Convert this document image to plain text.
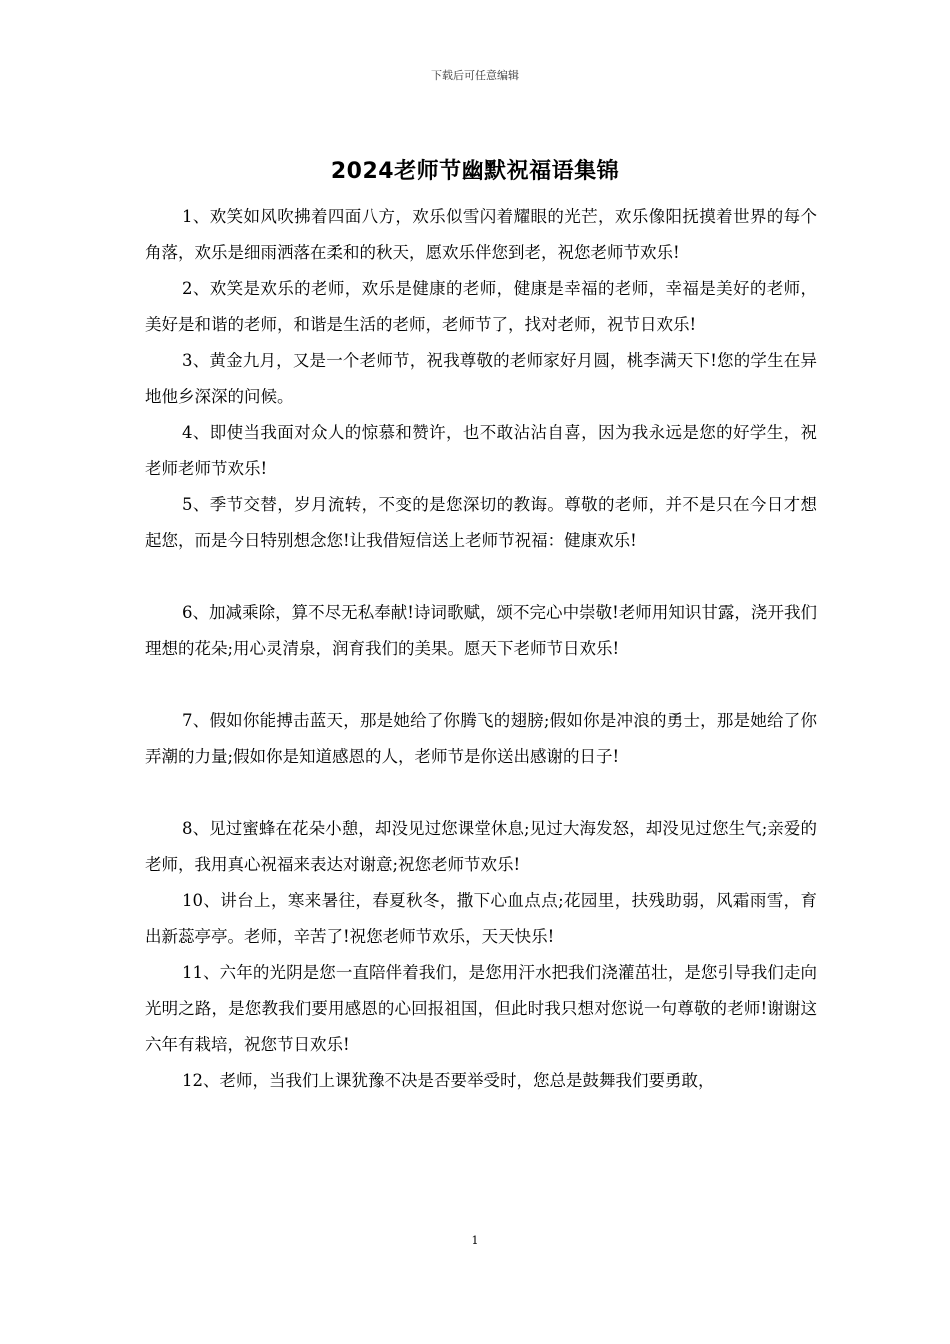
下载后可任意编辑
2024老师节幽默祝福语集锦

1、欢笑如风吹拂着四面八方，欢乐似雪闪着耀眼的光芒，欢乐像阳抚摸着世界的每个角落，欢乐是细雨洒落在柔和的秋天，愿欢乐伴您到老，祝您老师节欢乐!

2、欢笑是欢乐的老师，欢乐是健康的老师，健康是幸福的老师，幸福是美好的老师，美好是和谐的老师，和谐是生活的老师，老师节了，找对老师，祝节日欢乐!

3、黄金九月，又是一个老师节，祝我尊敬的老师家好月圆，桃李满天下!您的学生在异地他乡深深的问候。

4、即使当我面对众人的惊慕和赞许，也不敢沾沾自喜，因为我永远是您的好学生，祝老师老师节欢乐!

5、季节交替，岁月流转，不变的是您深切的教诲。尊敬的老师，并不是只在今日才想起您，而是今日特别想念您!让我借短信送上老师节祝福：健康欢乐!

6、加减乘除，算不尽无私奉献!诗词歌赋，颂不完心中崇敬!老师用知识甘露，浇开我们理想的花朵;用心灵清泉，润育我们的美果。愿天下老师节日欢乐!

7、假如你能搏击蓝天，那是她给了你腾飞的翅膀;假如你是冲浪的勇士，那是她给了你弄潮的力量;假如你是知道感恩的人，老师节是你送出感谢的日子!

8、见过蜜蜂在花朵小憩，却没见过您课堂休息;见过大海发怒，却没见过您生气;亲爱的老师，我用真心祝福来表达对谢意;祝您老师节欢乐!

10、讲台上，寒来暑往，春夏秋冬，撒下心血点点;花园里，扶残助弱，风霜雨雪，育出新蕊亭亭。老师，辛苦了!祝您老师节欢乐，天天快乐!

11、六年的光阴是您一直陪伴着我们，是您用汗水把我们浇灌茁壮，是您引导我们走向光明之路，是您教我们要用感恩的心回报祖国，但此时我只想对您说一句尊敬的老师!谢谢这六年有栽培，祝您节日欢乐!

12、老师，当我们上课犹豫不决是否要举受时，您总是鼓舞我们要勇敢，

1
